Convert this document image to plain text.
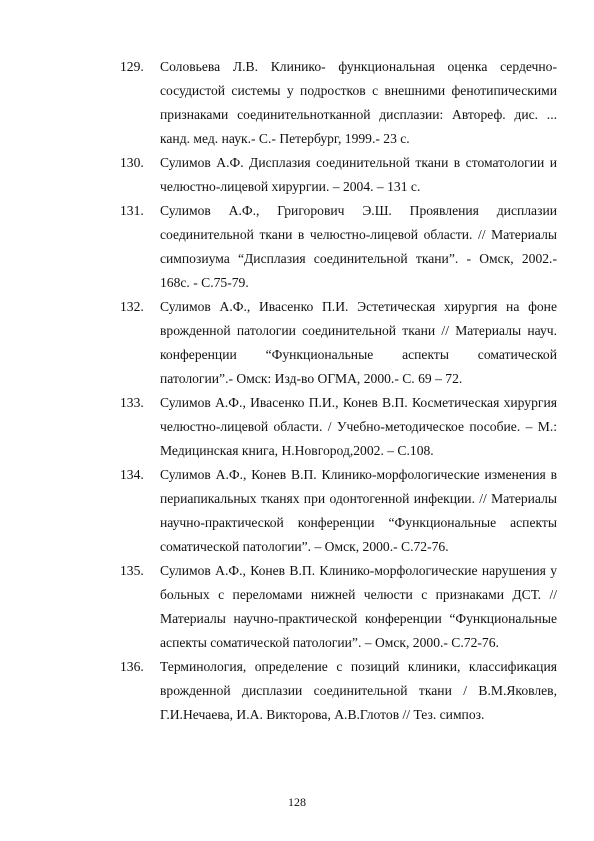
129. Соловьева Л.В. Клинико- функциональная оценка сердечно-сосудистой системы у подростков с внешними фенотипическими признаками соединительнотканной дисплазии: Автореф. дис. ... канд. мед. наук.- С.- Петербург, 1999.- 23 с.
130. Сулимов А.Ф. Дисплазия соединительной ткани в стоматологии и челюстно-лицевой хирургии. – 2004. – 131 с.
131. Сулимов А.Ф., Григорович Э.Ш. Проявления дисплазии соединительной ткани в челюстно-лицевой области. // Материалы симпозиума “Дисплазия соединительной ткани”. - Омск, 2002.- 168с. - С.75-79.
132. Сулимов А.Ф., Ивасенко П.И. Эстетическая хирургия на фоне врожденной патологии соединительной ткани // Материалы науч. конференции “Функциональные аспекты соматической патологии”.- Омск: Изд-во ОГМА, 2000.- С. 69 – 72.
133. Сулимов А.Ф., Ивасенко П.И., Конев В.П. Косметическая хирургия челюстно-лицевой области. / Учебно-методическое пособие. – М.: Медицинская книга, Н.Новгород,2002. – С.108.
134. Сулимов А.Ф., Конев В.П. Клинико-морфологические изменения в периапикальных тканях при одонтогенной инфекции. // Материалы научно-практической конференции “Функциональные аспекты соматической патологии”. – Омск, 2000.- С.72-76.
135. Сулимов А.Ф., Конев В.П. Клинико-морфологические нарушения у больных с переломами нижней челюсти с признаками ДСТ. // Материалы научно-практической конференции “Функциональные аспекты соматической патологии”. – Омск, 2000.- С.72-76.
136. Терминология, определение с позиций клиники, классификация врожденной дисплазии соединительной ткани / В.М.Яковлев, Г.И.Нечаева, И.А. Викторова, А.В.Глотов // Тез. симпоз.
128
